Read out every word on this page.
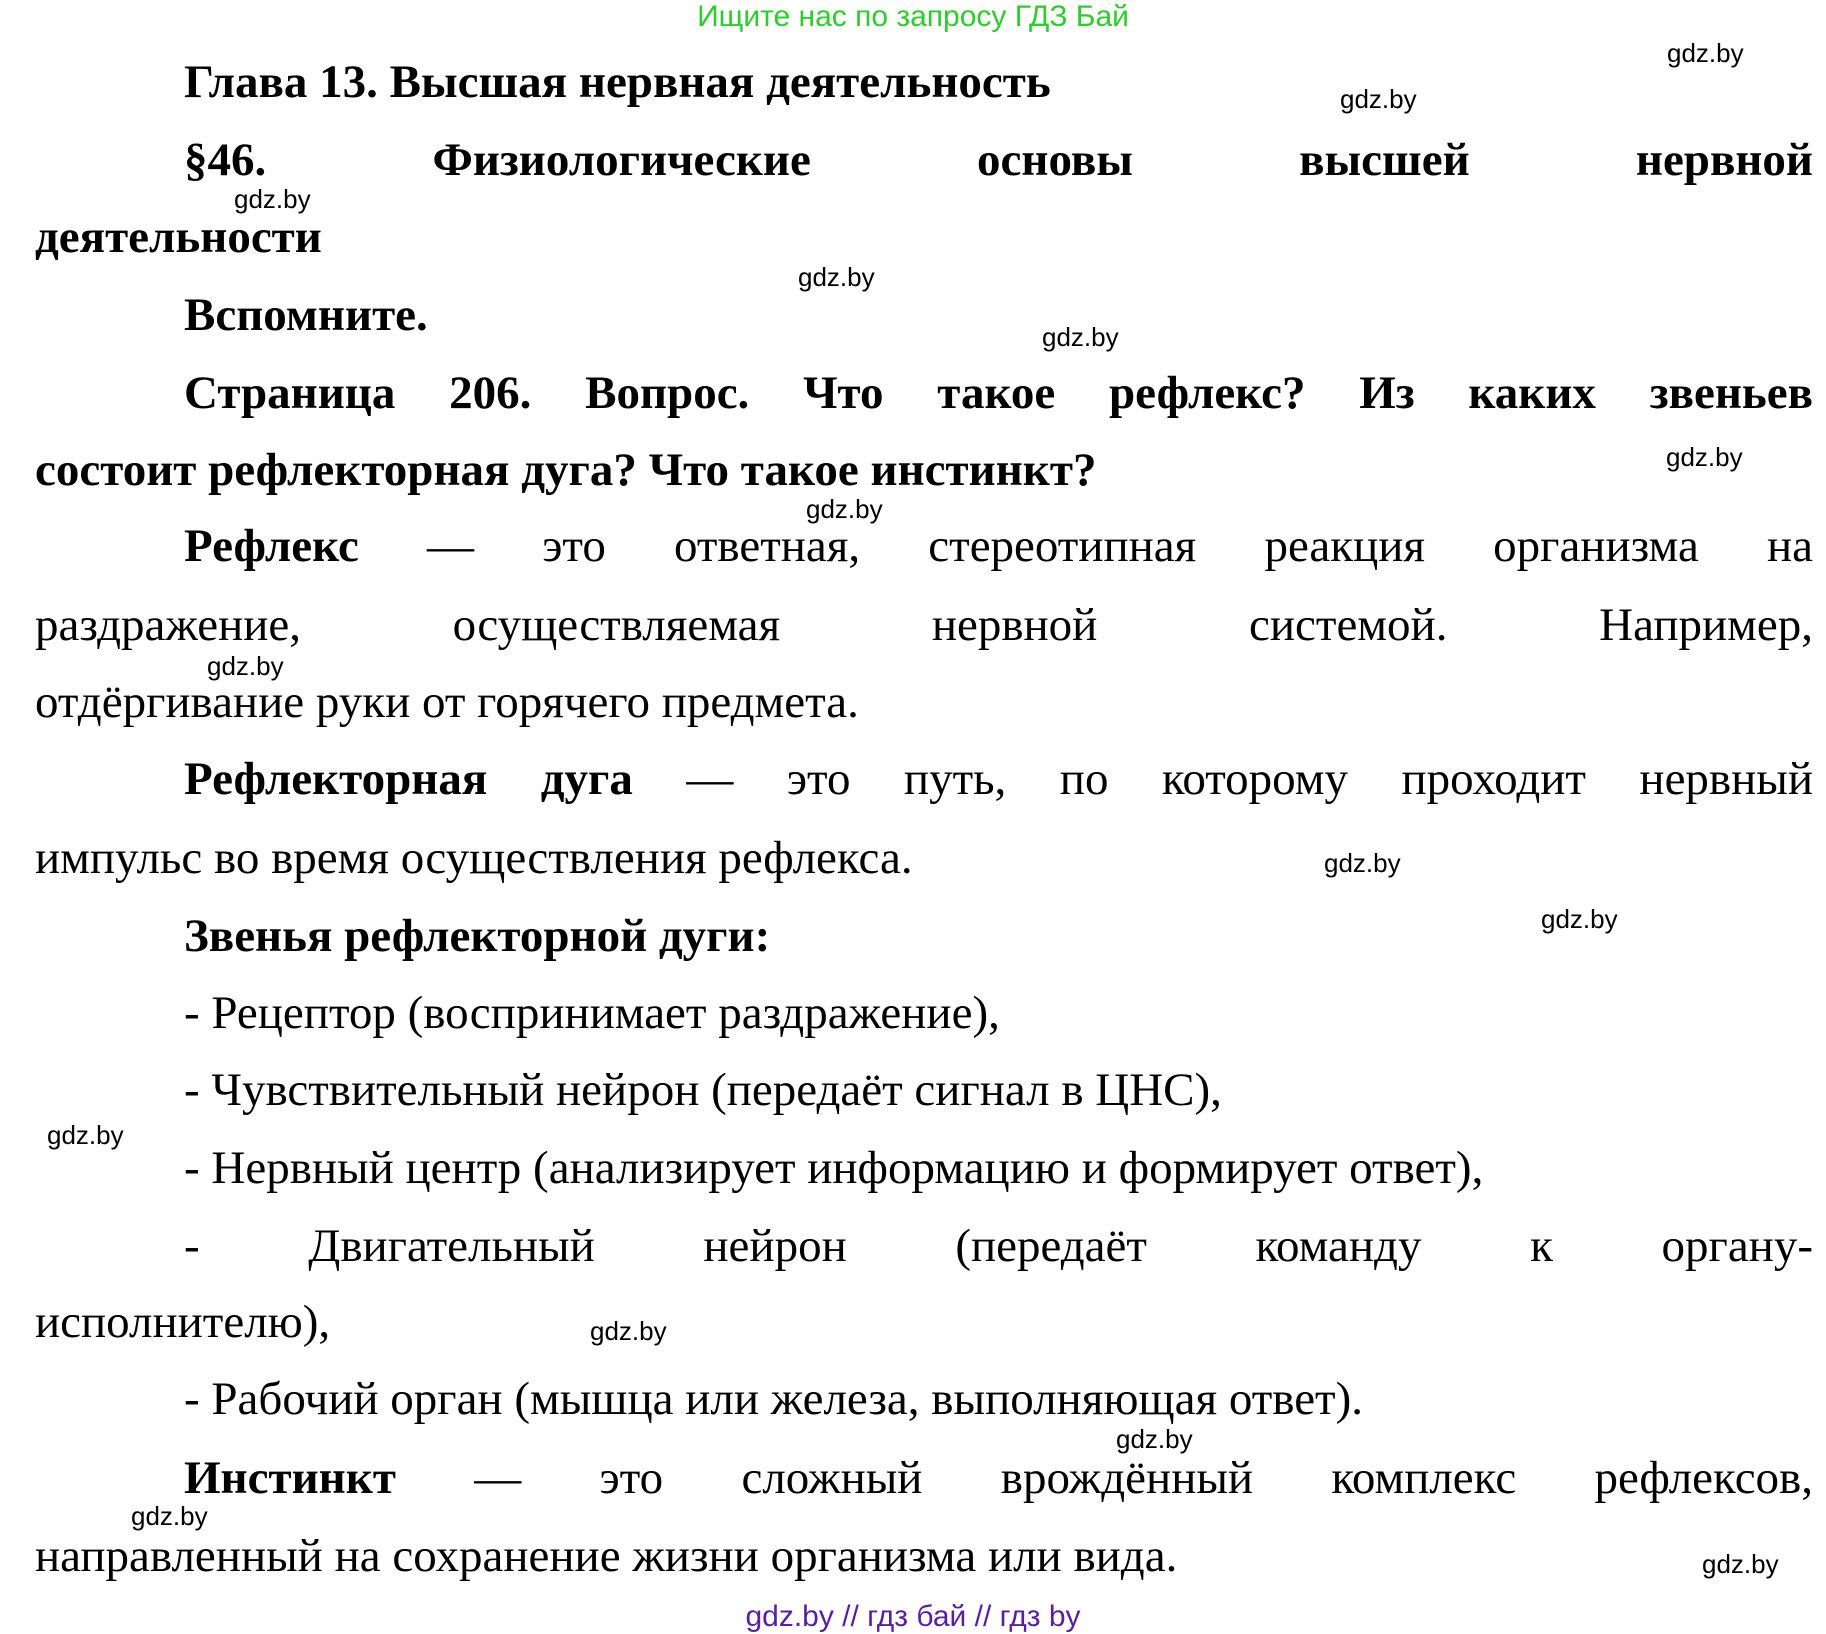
Ищите нас по запросу ГДЗ Бай
Глава 13. Высшая нервная деятельность
§46. Физиологические основы высшей нервной
деятельности
Вспомните.
Страница 206. Вопрос. Что такое рефлекс? Из каких звеньев
состоит рефлекторная дуга? Что такое инстинкт?
Рефлекс — это ответная, стереотипная реакция организма на
раздражение, осуществляемая нервной системой. Например,
отдёргивание руки от горячего предмета.
Рефлекторная дуга — это путь, по которому проходит нервный
импульс во время осуществления рефлекса.
Звенья рефлекторной дуги:
- Рецептор (воспринимает раздражение),
- Чувствительный нейрон (передаёт сигнал в ЦНС),
- Нервный центр (анализирует информацию и формирует ответ),
- Двигательный нейрон (передаёт команду к органу-
исполнителю),
- Рабочий орган (мышца или железа, выполняющая ответ).
Инстинкт — это сложный врождённый комплекс рефлексов,
направленный на сохранение жизни организма или вида.
gdz.by
gdz.by
gdz.by
gdz.by
gdz.by
gdz.by
gdz.by
gdz.by
gdz.by
gdz.by
gdz.by
gdz.by
gdz.by
gdz.by
gdz.by
gdz.by // гдз бай // гдз by
